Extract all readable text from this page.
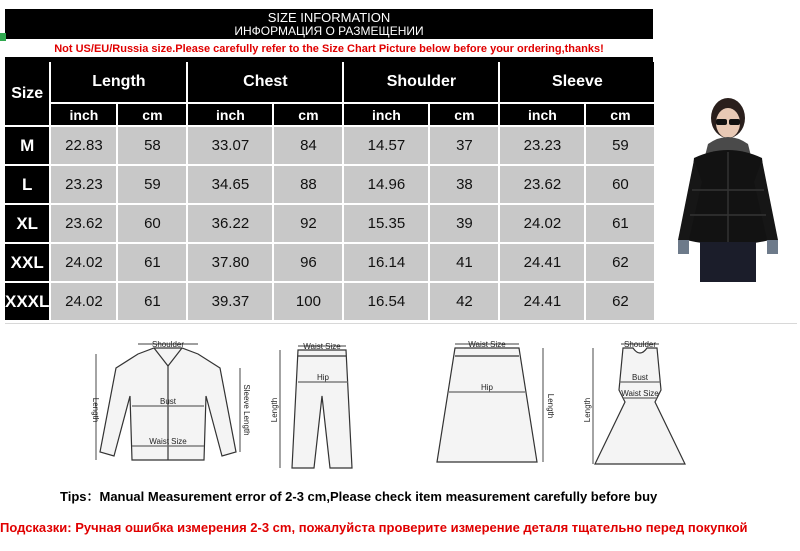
SIZE INFORMATION
ИНФОРМАЦИЯ О РАЗМЕЩЕНИИ
Not US/EU/Russia size.Please carefully refer to the Size Chart Picture below before your ordering,thanks!
Size	Length		Chest		Shoulder		Sleeve	
	inch	cm	inch	cm	inch	cm	inch	cm
M	22.83	58	33.07	84	14.57	37	23.23	59
L	23.23	59	34.65	88	14.96	38	23.62	60
XL	23.62	60	36.22	92	15.35	39	24.02	61
XXL	24.02	61	37.80	96	16.14	41	24.41	62
XXXL	24.02	61	39.37	100	16.54	42	24.41	62
Shoulder
Bust
Waist Size
Length	Sleeve Length
Waist Size
Hip
Length
Waist Size
Hip
Length
Shoulder
Bust
Waist Size
Length
Tips：Manual Measurement error of 2-3 cm,Please check item measurement carefully before buy
Подсказки: Ручная ошибка измерения 2-3 cm, пожалуйста проверите измерение деталя тщательно перед покупкой
